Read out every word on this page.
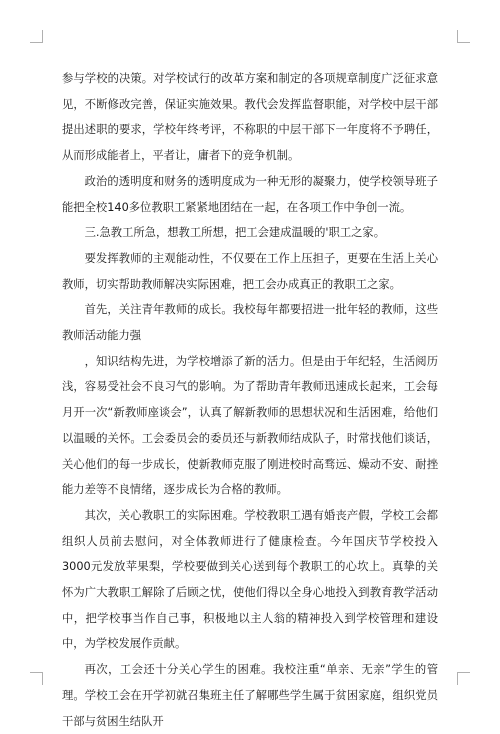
参与学校的决策。对学校试行的改革方案和制定的各项规章制度广泛征求意见，不断修改完善，保证实施效果。教代会发挥监督职能，对学校中层干部提出述职的要求，学校年终考评，不称职的中层干部下一年度将不予聘任，从而形成能者上，平者让，庸者下的竞争机制。

政治的透明度和财务的透明度成为一种无形的凝聚力，使学校领导班子能把全校140多位教职工紧紧地团结在一起，在各项工作中争创一流。

三.急教工所急，想教工所想，把工会建成温暖的'职工之家。

要发挥教师的主观能动性，不仅要在工作上压担子，更要在生活上关心教师，切实帮助教师解决实际困难，把工会办成真正的教职工之家。

首先，关注青年教师的成长。我校每年都要招进一批年轻的教师，这些教师活动能力强

，知识结构先进，为学校增添了新的活力。但是由于年纪轻，生活阅历浅，容易受社会不良习气的影响。为了帮助青年教师迅速成长起来，工会每月开一次“新教师座谈会”，认真了解新教师的思想状况和生活困难，给他们以温暖的关怀。工会委员会的委员还与新教师结成队子，时常找他们谈话，关心他们的每一步成长，使新教师克服了刚进校时高骛远、燥动不安、耐挫能力差等不良情绪，逐步成长为合格的教师。

其次，关心教职工的实际困难。学校教职工遇有婚丧产假，学校工会都组织人员前去慰问，对全体教师进行了健康检查。今年国庆节学校投入3000元发放苹果梨，学校要做到关心送到每个教职工的心坎上。真挚的关怀为广大教职工解除了后顾之忧，使他们得以全身心地投入到教育教学活动中，把学校事当作自己事，积极地以主人翁的精神投入到学校管理和建设中，为学校发展作贡献。

再次，工会还十分关心学生的困难。我校注重“单亲、无亲”学生的管理。学校工会在开学初就召集班主任了解哪些学生属于贫困家庭，组织党员干部与贫困生结队开
